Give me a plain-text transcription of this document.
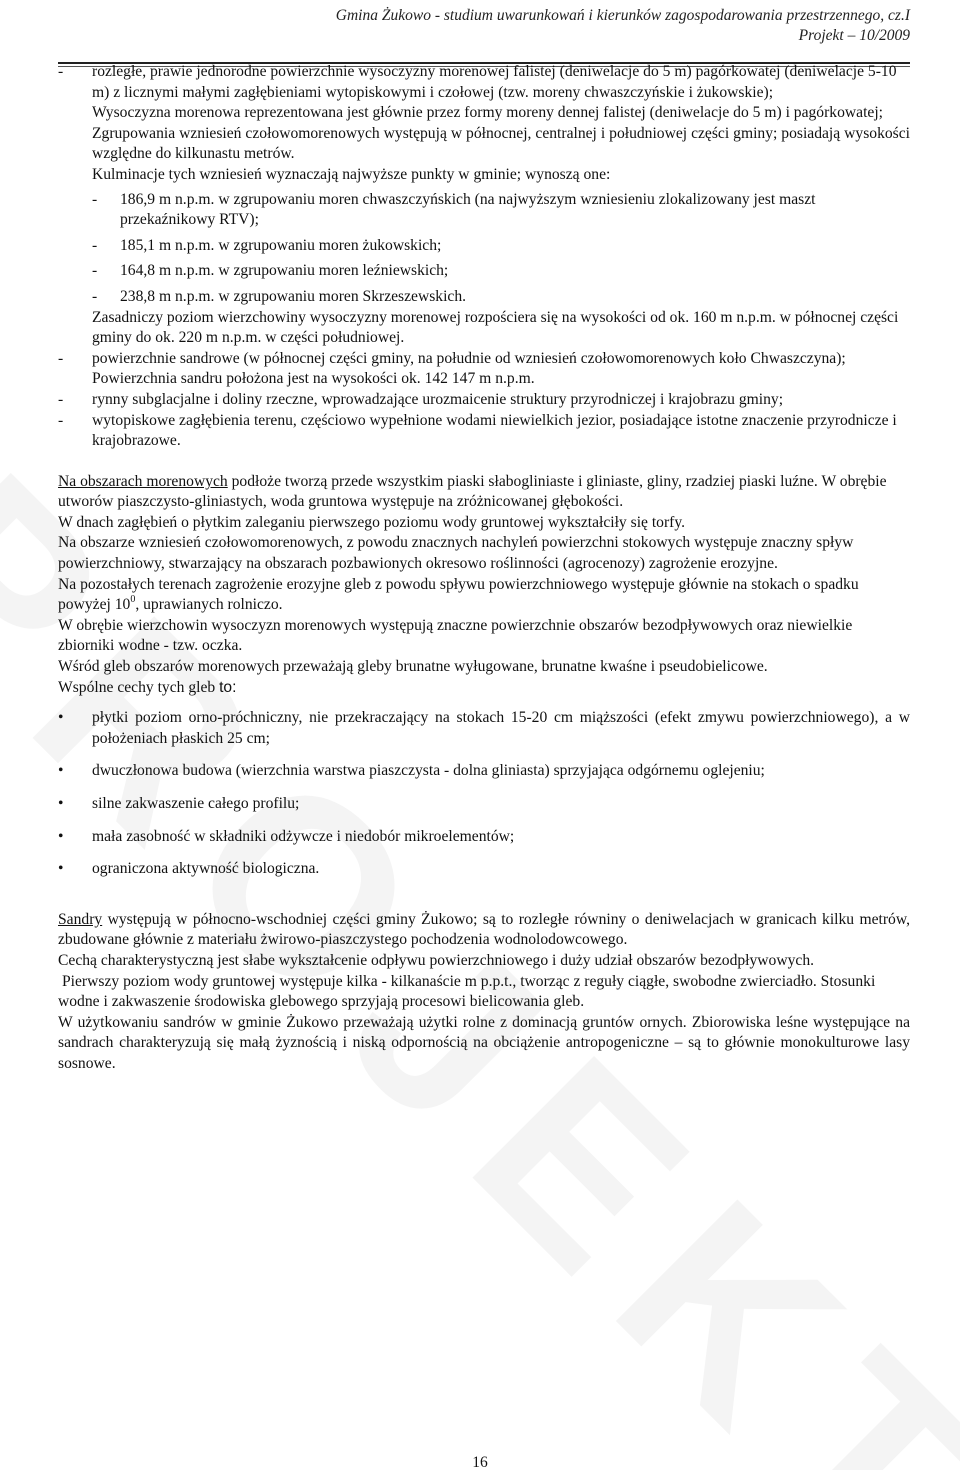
Gmina Żukowo - studium uwarunkowań i kierunków zagospodarowania przestrzennego, cz.I
Projekt – 10/2009
- rozległe, prawie jednorodne powierzchnie wysoczyzny morenowej falistej (deniwelacje do 5 m) pagórkowatej (deniwelacje 5-10 m) z licznymi małymi zagłębieniami wytopiskowymi i czołowej (tzw. moreny chwaszczyńskie i żukowskie);

Wysoczyzna morenowa reprezentowana jest głównie przez formy moreny dennej falistej (deniwelacje do 5 m) i pagórkowatej;

Zgrupowania wzniesień czołowomorenowych występują w północnej, centralnej i południowej części gminy; posiadają wysokości względne do kilkunastu metrów.

Kulminacje tych wzniesień wyznaczają najwyższe punkty w gminie; wynoszą one:

- 186,9 m n.p.m. w zgrupowaniu moren chwaszczyńskich (na najwyższym wzniesieniu zlokalizowany jest maszt przekaźnikowy RTV);
- 185,1 m n.p.m. w zgrupowaniu moren żukowskich;
- 164,8 m n.p.m. w zgrupowaniu moren leźniewskich;
- 238,8 m n.p.m. w zgrupowaniu moren Skrzeszewskich.

Zasadniczy poziom wierzchowiny wysoczyzny morenowej rozpościera się na wysokości od ok. 160 m n.p.m. w północnej części gminy do ok. 220 m n.p.m. w części południowej.

- powierzchnie sandrowe (w północnej części gminy, na południe od wzniesień czołowomorenowych koło Chwaszczyna);

Powierzchnia sandru położona jest na wysokości ok. 142 147 m n.p.m.

- rynny subglacjalne i doliny rzeczne, wprowadzające urozmaicenie struktury przyrodniczej i krajobrazu gminy;

- wytopiskowe zagłębienia terenu, częściowo wypełnione wodami niewielkich jezior, posiadające istotne znaczenie przyrodnicze i krajobrazowe.

Na obszarach morenowych podłoże tworzą przede wszystkim piaski słabogliniaste i gliniaste, gliny, rzadziej piaski luźne. W obrębie utworów piaszczysto-gliniastych, woda gruntowa występuje na zróżnicowanej głębokości.

W dnach zagłębień o płytkim zaleganiu pierwszego poziomu wody gruntowej wykształciły się torfy.

Na obszarze wzniesień czołowomorenowych, z powodu znacznych nachyleń powierzchni stokowych występuje znaczny spływ powierzchniowy, stwarzający na obszarach pozbawionych okresowo roślinności (agrocenozy) zagrożenie erozyjne.

Na pozostałych terenach zagrożenie erozyjne gleb z powodu spływu powierzchniowego występuje głównie na stokach o spadku powyżej $10^0$, uprawianych rolniczo.

W obrębie wierzchowin wysoczyzn morenowych występują znaczne powierzchnie obszarów bezodpływowych oraz niewielkie zbiorniki wodne - tzw. oczka.

Wśród gleb obszarów morenowych przeważają gleby brunatne wyługowane, brunatne kwaśne i pseudobielicowe.

Wspólne cechy tych gleb to:

• płytki poziom orno-próchniczny, nie przekraczający na stokach 15-20 cm miąższości (efekt zmywu powierzchniowego), a w położeniach płaskich 25 cm;
• dwuczłonowa budowa (wierzchnia warstwa piaszczysta - dolna gliniasta) sprzyjająca odgórnemu oglejeniu;
• silne zakwaszenie całego profilu;
• mała zasobność w składniki odżywcze i niedobór mikroelementów;
• ograniczona aktywność biologiczna.

Sandry występują w północno-wschodniej części gminy Żukowo; są to rozległe równiny o deniwelacjach w granicach kilku metrów, zbudowane głównie z materiału żwirowo-piaszczystego pochodzenia wodnolodowcowego.

Cechą charakterystyczną jest słabe wykształcenie odpływu powierzchniowego i duży udział obszarów bezodpływowych.

Pierwszy poziom wody gruntowej występuje kilka - kilkanaście m p.p.t., tworząc z reguły ciągłe, swobodne zwierciadło. Stosunki wodne i zakwaszenie środowiska glebowego sprzyjają procesowi bielicowania gleb.

W użytkowaniu sandrów w gminie Żukowo przeważają użytki rolne z dominacją gruntów ornych. Zbiorowiska leśne występujące na sandrach charakteryzują się małą żyznością i niską odpornością na obciążenie antropogeniczne – są to głównie monokulturowe lasy sosnowe.

16
